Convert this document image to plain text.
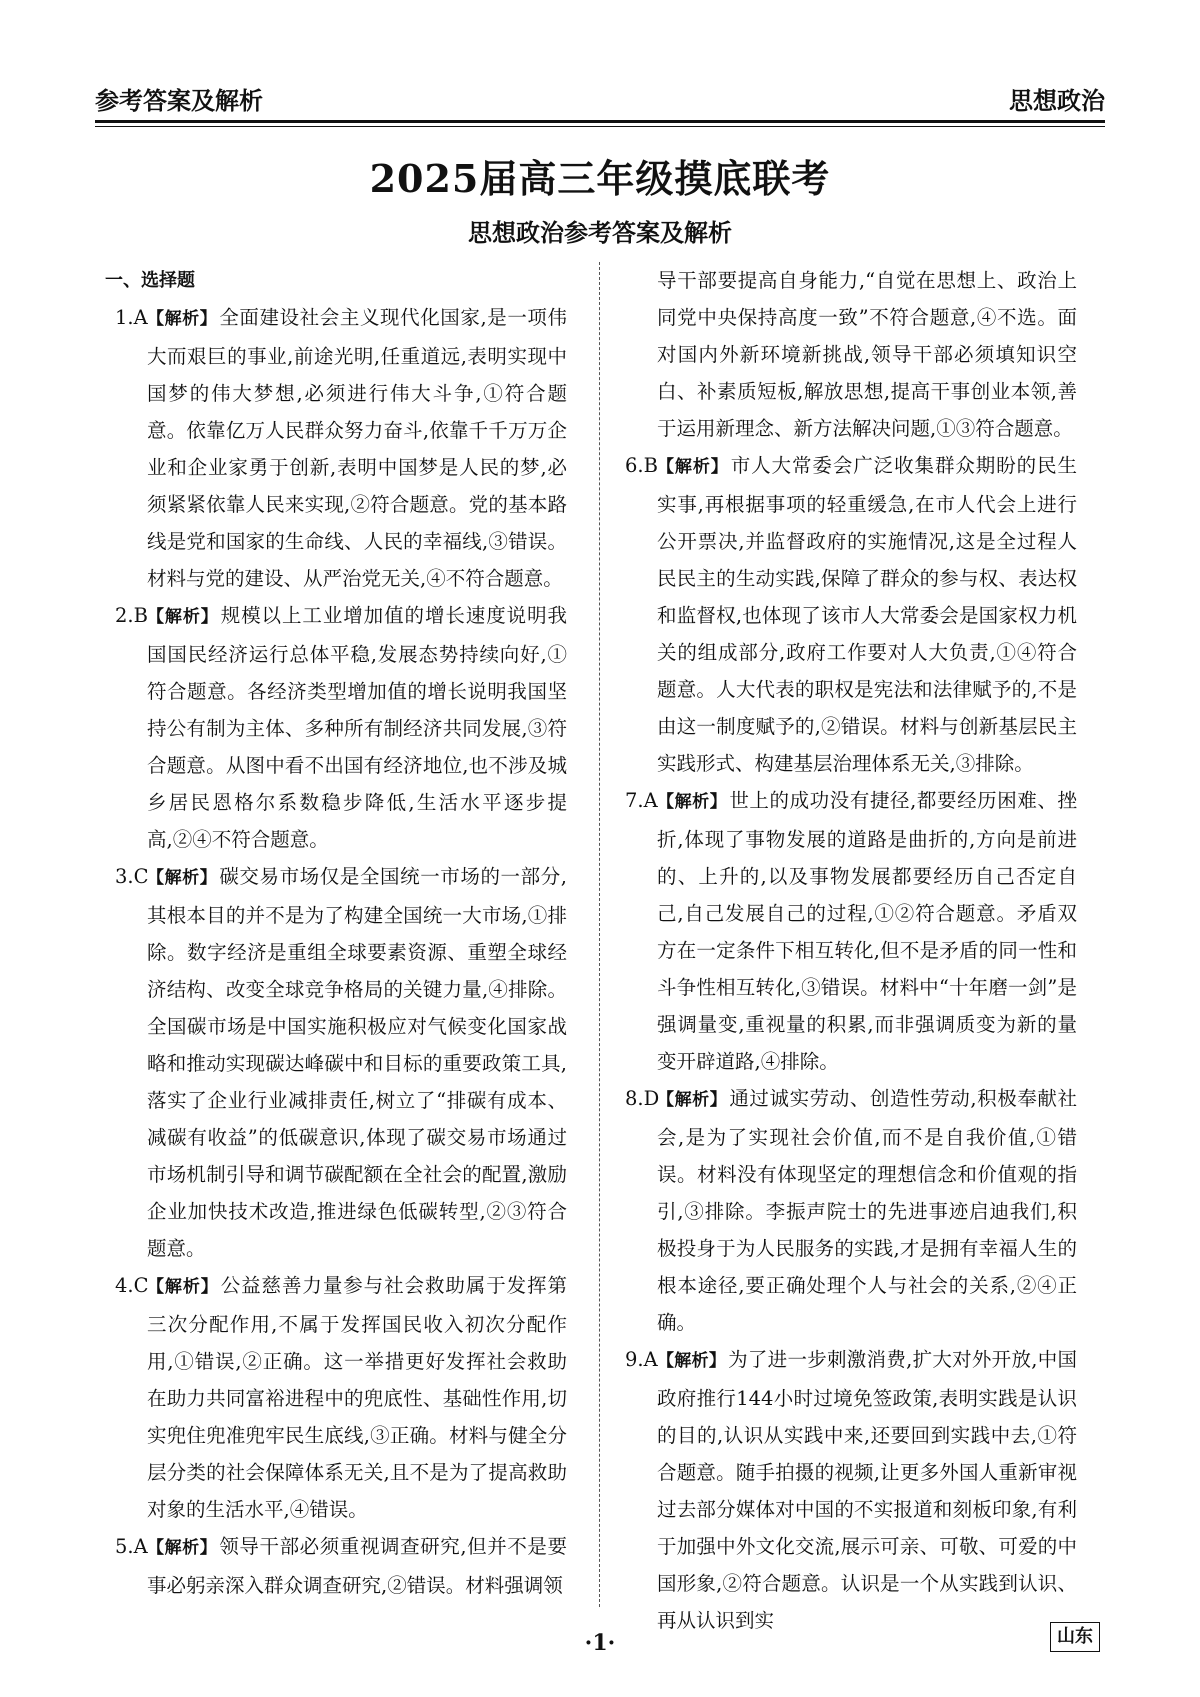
参考答案及解析	思想政治
2025届高三年级摸底联考
思想政治参考答案及解析
一、选择题
1.A 【解析】 全面建设社会主义现代化国家,是一项伟大而艰巨的事业,前途光明,任重道远,表明实现中国梦的伟大梦想,必须进行伟大斗争,①符合题意。依靠亿万人民群众努力奋斗,依靠千千万万企业和企业家勇于创新,表明中国梦是人民的梦,必须紧紧依靠人民来实现,②符合题意。党的基本路线是党和国家的生命线、人民的幸福线,③错误。材料与党的建设、从严治党无关,④不符合题意。
2.B 【解析】 规模以上工业增加值的增长速度说明我国国民经济运行总体平稳,发展态势持续向好,①符合题意。各经济类型增加值的增长说明我国坚持公有制为主体、多种所有制经济共同发展,③符合题意。从图中看不出国有经济地位,也不涉及城乡居民恩格尔系数稳步降低,生活水平逐步提高,②④不符合题意。
3.C
【解析】 碳交易市场仅是全国统一市场的一部分,其根本目的并不是为了构建全国统一大市场,①排除。数字经济是重组全球要素资源、重塑全球经济结构、改变全球竞争格局的关键力量,④排除。全国碳市场是中国实施积极应对气候变化国家战略和推动实现碳达峰碳中和目标的重要政策工具,落实了企业行业减排责任,树立了“排碳有成本、减碳有收益”的低碳意识,体现了碳交易市场通过市场机制引导和调节碳配额在全社会的配置,激励企业加快技术改造,推进绿色低碳转型,②③符合题意。
4.C
【解析】 公益慈善力量参与社会救助属于发挥第三次分配作用,不属于发挥国民收入初次分配作用,①错误,②正确。这一举措更好发挥社会救助在助力共同富裕进程中的兜底性、基础性作用,切实兜住兜准兜牢民生底线,③正确。材料与健全分层分类的社会保障体系无关,且不是为了提高救助对象的生活水平,④错误。
5.A 【解析】 领导干部必须重视调查研究,但并不是要事必躬亲深入群众调查研究,②错误。材料强调领
导干部要提高自身能力,“自觉在思想上、政治上同党中央保持高度一致”不符合题意,④不选。面对国内外新环境新挑战,领导干部必须填知识空白、补素质短板,解放思想,提高干事创业本领,善于运用新理念、新方法解决问题,①③符合题意。
6.B 【解析】 市人大常委会广泛收集群众期盼的民生实事,再根据事项的轻重缓急,在市人代会上进行公开票决,并监督政府的实施情况,这是全过程人民民主的生动实践,保障了群众的参与权、表达权和监督权,也体现了该市人大常委会是国家权力机关的组成部分,政府工作要对人大负责,①④符合题意。人大代表的职权是宪法和法律赋予的,不是由这一制度赋予的,②错误。材料与创新基层民主实践形式、构建基层治理体系无关,③排除。
7.A 【解析】 世上的成功没有捷径,都要经历困难、挫折,体现了事物发展的道路是曲折的,方向是前进的、上升的,以及事物发展都要经历自己否定自己,自己发展自己的过程,①②符合题意。矛盾双方在一定条件下相互转化,但不是矛盾的同一性和斗争性相互转化,③错误。材料中“十年磨一剑”是强调量变,重视量的积累,而非强调质变为新的量变开辟道路,④排除。
8.D
【解析】 通过诚实劳动、创造性劳动,积极奉献社会,是为了实现社会价值,而不是自我价值,①错误。材料没有体现坚定的理想信念和价值观的指引,③排除。李振声院士的先进事迹启迪我们,积极投身于为人民服务的实践,才是拥有幸福人生的根本途径,要正确处理个人与社会的关系,②④正确。
9.A 【解析】 为了进一步刺激消费,扩大对外开放,中国政府推行144小时过境免签政策,表明实践是认识的目的,认识从实践中来,还要回到实践中去,①符合题意。随手拍摄的视频,让更多外国人重新审视过去部分媒体对中国的不实报道和刻板印象,有利于加强中外文化交流,展示可亲、可敬、可爱的中国形象,②符合题意。认识是一个从实践到认识、再从认识到实
·1·	山东
